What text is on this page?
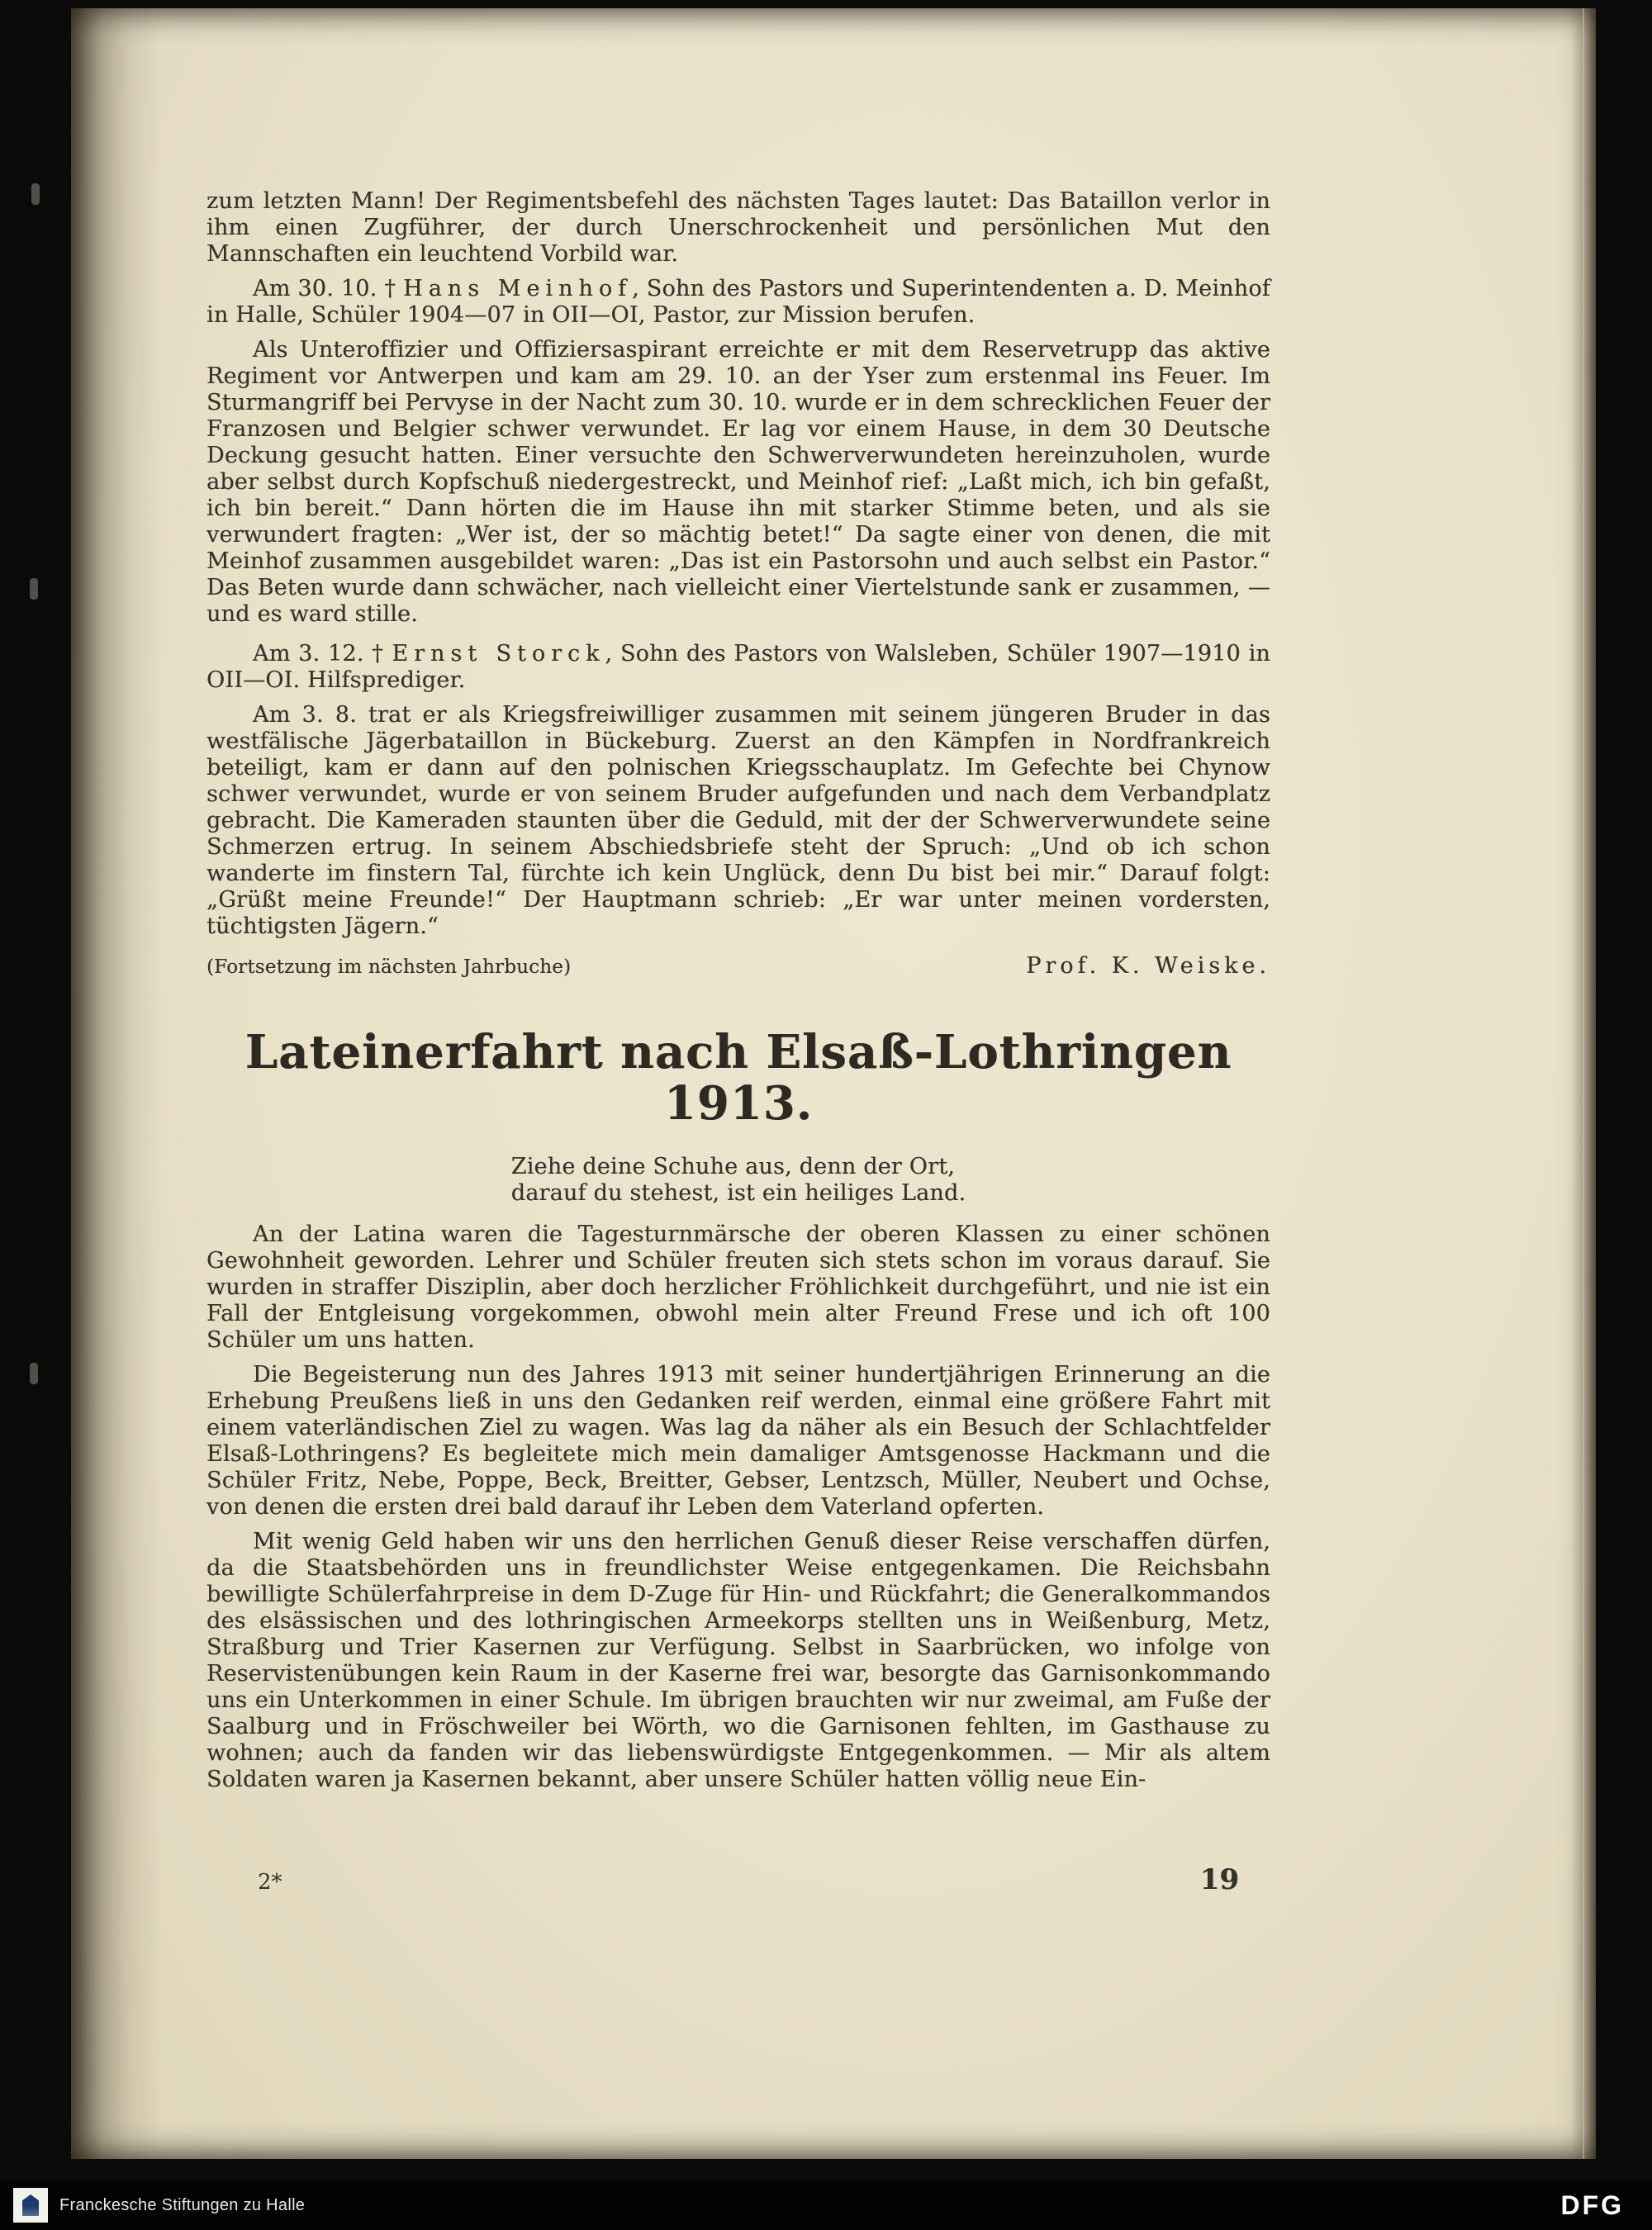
zum letzten Mann! Der Regimentsbefehl des nächsten Tages lautet: Das Bataillon verlor in ihm einen Zugführer, der durch Unerschrockenheit und persönlichen Mut den Mannschaften ein leuchtend Vorbild war.

Am 30. 10. † Hans Meinhof, Sohn des Pastors und Superintendenten a. D. Meinhof in Halle, Schüler 1904—07 in OII—OI, Pastor, zur Mission berufen.

Als Unteroffizier und Offiziersaspirant erreichte er mit dem Reservetrupp das aktive Regiment vor Antwerpen und kam am 29. 10. an der Yser zum erstenmal ins Feuer. Im Sturmangriff bei Pervyse in der Nacht zum 30. 10. wurde er in dem schrecklichen Feuer der Franzosen und Belgier schwer verwundet. Er lag vor einem Hause, in dem 30 Deutsche Deckung gesucht hatten. Einer versuchte den Schwerverwundeten hereinzuholen, wurde aber selbst durch Kopfschuß niedergestreckt, und Meinhof rief: „Laßt mich, ich bin gefaßt, ich bin bereit.“ Dann hörten die im Hause ihn mit starker Stimme beten, und als sie verwundert fragten: „Wer ist, der so mächtig betet!“ Da sagte einer von denen, die mit Meinhof zusammen ausgebildet waren: „Das ist ein Pastorsohn und auch selbst ein Pastor.“ Das Beten wurde dann schwächer, nach vielleicht einer Viertelstunde sank er zusammen, — und es ward stille.

Am 3. 12. † Ernst Storck, Sohn des Pastors von Walsleben, Schüler 1907—1910 in OII—OI. Hilfsprediger.

Am 3. 8. trat er als Kriegsfreiwilliger zusammen mit seinem jüngeren Bruder in das westfälische Jägerbataillon in Bückeburg. Zuerst an den Kämpfen in Nordfrankreich beteiligt, kam er dann auf den polnischen Kriegsschauplatz. Im Gefechte bei Chynow schwer verwundet, wurde er von seinem Bruder aufgefunden und nach dem Verbandplatz gebracht. Die Kameraden staunten über die Geduld, mit der der Schwerverwundete seine Schmerzen ertrug. In seinem Abschiedsbriefe steht der Spruch: „Und ob ich schon wanderte im finstern Tal, fürchte ich kein Unglück, denn Du bist bei mir.“ Darauf folgt: „Grüßt meine Freunde!“ Der Hauptmann schrieb: „Er war unter meinen vordersten, tüchtigsten Jägern.“

(Fortsetzung im nächsten Jahrbuche)	Prof. K. Weiske.
Lateinerfahrt nach Elsaß-Lothringen 1913.
Ziehe deine Schuhe aus, denn der Ort,
darauf du stehest, ist ein heiliges Land.

An der Latina waren die Tagesturnmärsche der oberen Klassen zu einer schönen Gewohnheit geworden. Lehrer und Schüler freuten sich stets schon im voraus darauf. Sie wurden in straffer Disziplin, aber doch herzlicher Fröhlichkeit durchgeführt, und nie ist ein Fall der Entgleisung vorgekommen, obwohl mein alter Freund Frese und ich oft 100 Schüler um uns hatten.

Die Begeisterung nun des Jahres 1913 mit seiner hundertjährigen Erinnerung an die Erhebung Preußens ließ in uns den Gedanken reif werden, einmal eine größere Fahrt mit einem vaterländischen Ziel zu wagen. Was lag da näher als ein Besuch der Schlachtfelder Elsaß-Lothringens? Es begleitete mich mein damaliger Amtsgenosse Hackmann und die Schüler Fritz, Nebe, Poppe, Beck, Breitter, Gebser, Lentzsch, Müller, Neubert und Ochse, von denen die ersten drei bald darauf ihr Leben dem Vaterland opferten.

Mit wenig Geld haben wir uns den herrlichen Genuß dieser Reise verschaffen dürfen, da die Staatsbehörden uns in freundlichster Weise entgegenkamen. Die Reichsbahn bewilligte Schülerfahrpreise in dem D-Zuge für Hin- und Rückfahrt; die Generalkommandos des elsässischen und des lothringischen Armeekorps stellten uns in Weißenburg, Metz, Straßburg und Trier Kasernen zur Verfügung. Selbst in Saarbrücken, wo infolge von Reservistenübungen kein Raum in der Kaserne frei war, besorgte das Garnisonkommando uns ein Unterkommen in einer Schule. Im übrigen brauchten wir nur zweimal, am Fuße der Saalburg und in Fröschweiler bei Wörth, wo die Garnisonen fehlten, im Gasthause zu wohnen; auch da fanden wir das liebenswürdigste Entgegenkommen. — Mir als altem Soldaten waren ja Kasernen bekannt, aber unsere Schüler hatten völlig neue Ein-

2*	19
Franckesche Stiftungen zu Halle	DFG
